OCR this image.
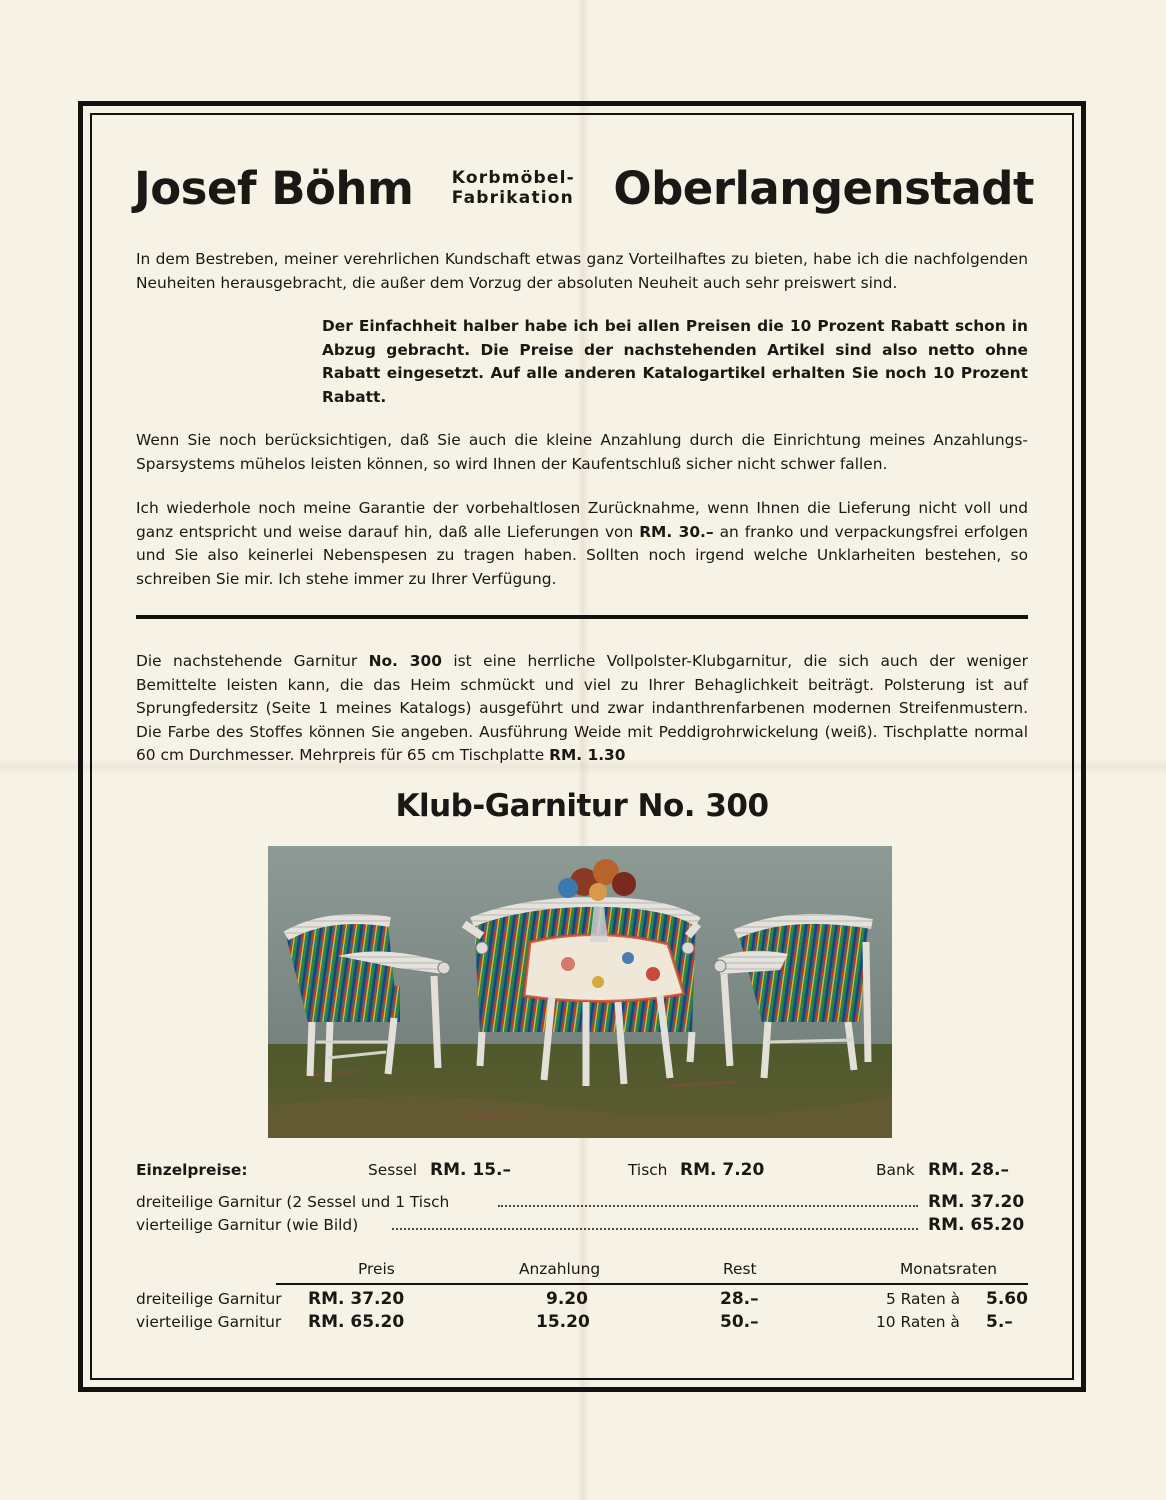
Josef Böhm Korbmöbel-
Fabrikation Oberlangenstadt

In dem Bestreben, meiner verehrlichen Kundschaft etwas ganz Vorteilhaftes zu bieten, habe ich die nachfolgenden Neuheiten herausgebracht, die außer dem Vorzug der absoluten Neuheit auch sehr preiswert sind.

Der Einfachheit halber habe ich bei allen Preisen die 10 Prozent Rabatt schon in Abzug gebracht. Die Preise der nachstehenden Artikel sind also netto ohne Rabatt eingesetzt. Auf alle anderen Katalogartikel erhalten Sie noch 10 Prozent Rabatt.

Wenn Sie noch berücksichtigen, daß Sie auch die kleine Anzahlung durch die Einrichtung meines Anzahlungs-Sparsystems mühelos leisten können, so wird Ihnen der Kaufentschluß sicher nicht schwer fallen.

Ich wiederhole noch meine Garantie der vorbehaltlosen Zurücknahme, wenn Ihnen die Lieferung nicht voll und ganz entspricht und weise darauf hin, daß alle Lieferungen von RM. 30.– an franko und verpackungsfrei erfolgen und Sie also keinerlei Nebenspesen zu tragen haben. Sollten noch irgend welche Unklarheiten bestehen, so schreiben Sie mir. Ich stehe immer zu Ihrer Verfügung.

Die nachstehende Garnitur No. 300 ist eine herrliche Vollpolster-Klubgarnitur, die sich auch der weniger Bemittelte leisten kann, die das Heim schmückt und viel zu Ihrer Behaglichkeit beiträgt. Polsterung ist auf Sprungfedersitz (Seite 1 meines Katalogs) ausgeführt und zwar indanthrenfarbenen modernen Streifenmustern. Die Farbe des Stoffes können Sie angeben. Ausführung Weide mit Peddigrohrwickelung (weiß). Tischplatte normal 60 cm Durchmesser. Mehrpreis für 65 cm Tischplatte RM. 1.30

Klub-Garnitur No. 300
Einzelpreise:	Sessel RM. 15.–	Tisch RM. 7.20	Bank RM. 28.–
dreiteilige Garnitur (2 Sessel und 1 Tisch	RM. 37.20
vierteilige Garnitur (wie Bild)	RM. 65.20
Preis	Anzahlung	Rest	Monatsraten
dreiteilige Garnitur RM. 37.20	9.20	28.–	5 Raten à 5.60
vierteilige Garnitur RM. 65.20	15.20	50.–	10 Raten à 5.–
